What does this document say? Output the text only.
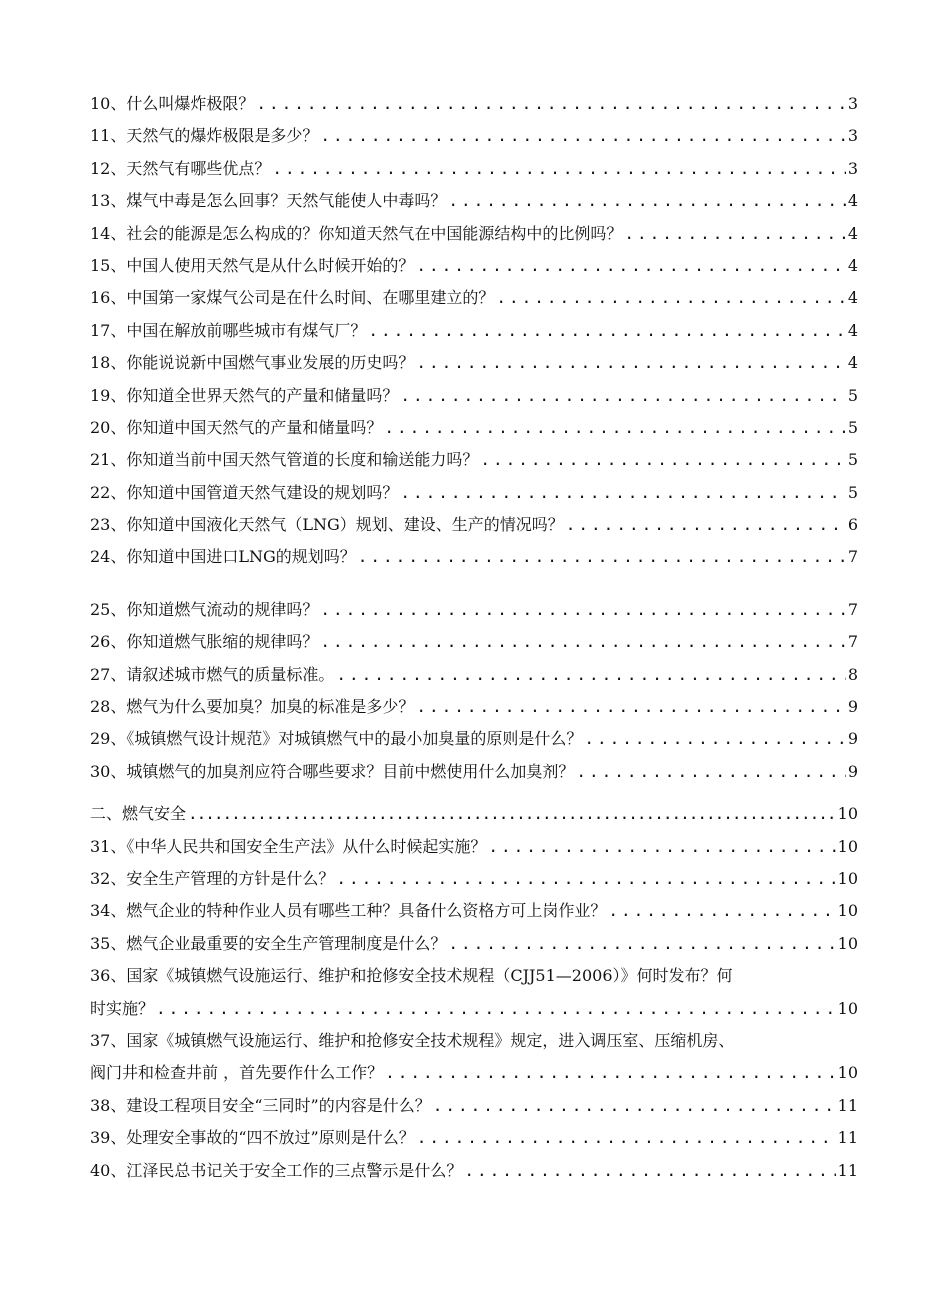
10、什么叫爆炸极限？ .....	3
11、天然气的爆炸极限是多少？ .....	3
12、天然气有哪些优点？ .....	3
13、煤气中毒是怎么回事？天然气能使人中毒吗？ .....	4
14、社会的能源是怎么构成的？你知道天然气在中国能源结构中的比例吗？ .....	4
15、中国人使用天然气是从什么时候开始的？ .....	4
16、中国第一家煤气公司是在什么时间、在哪里建立的？ .....	4
17、中国在解放前哪些城市有煤气厂？ .....	4
18、你能说说新中国燃气事业发展的历史吗？ .....	4
19、你知道全世界天然气的产量和储量吗？ .....	5
20、你知道中国天然气的产量和储量吗？ .....	5
21、你知道当前中国天然气管道的长度和输送能力吗？ .....	5
22、你知道中国管道天然气建设的规划吗？ .....	5
23、你知道中国液化天然气（LNG）规划、建设、生产的情况吗？ .....	6
24、你知道中国进口LNG的规划吗？ .....	7
25、你知道燃气流动的规律吗？ .....	7
26、你知道燃气胀缩的规律吗？ .....	7
27、请叙述城市燃气的质量标准。 .....	8
28、燃气为什么要加臭？加臭的标准是多少？ .....	9
29、《城镇燃气设计规范》对城镇燃气中的最小加臭量的原则是什么？ .....	9
30、城镇燃气的加臭剂应符合哪些要求？目前中燃使用什么加臭剂？ .....	9
二、燃气安全 .....	10
31、《中华人民共和国安全生产法》从什么时候起实施？ .....	10
32、安全生产管理的方针是什么？ .....	10
34、燃气企业的特种作业人员有哪些工种？具备什么资格方可上岗作业？ .....	10
35、燃气企业最重要的安全生产管理制度是什么？ .....	10
36、国家《城镇燃气设施运行、维护和抢修安全技术规程（CJJ51—2006）》何时发布？何
时实施？ .....	10
37、国家《城镇燃气设施运行、维护和抢修安全技术规程》规定，进入调压室、压缩机房、
阀门井和检查井前 ，首先要作什么工作？ .....	10
38、建设工程项目安全“三同时”的内容是什么？ .....	11
39、处理安全事故的“四不放过”原则是什么？ .....	11
40、江泽民总书记关于安全工作的三点警示是什么？ .....	11
